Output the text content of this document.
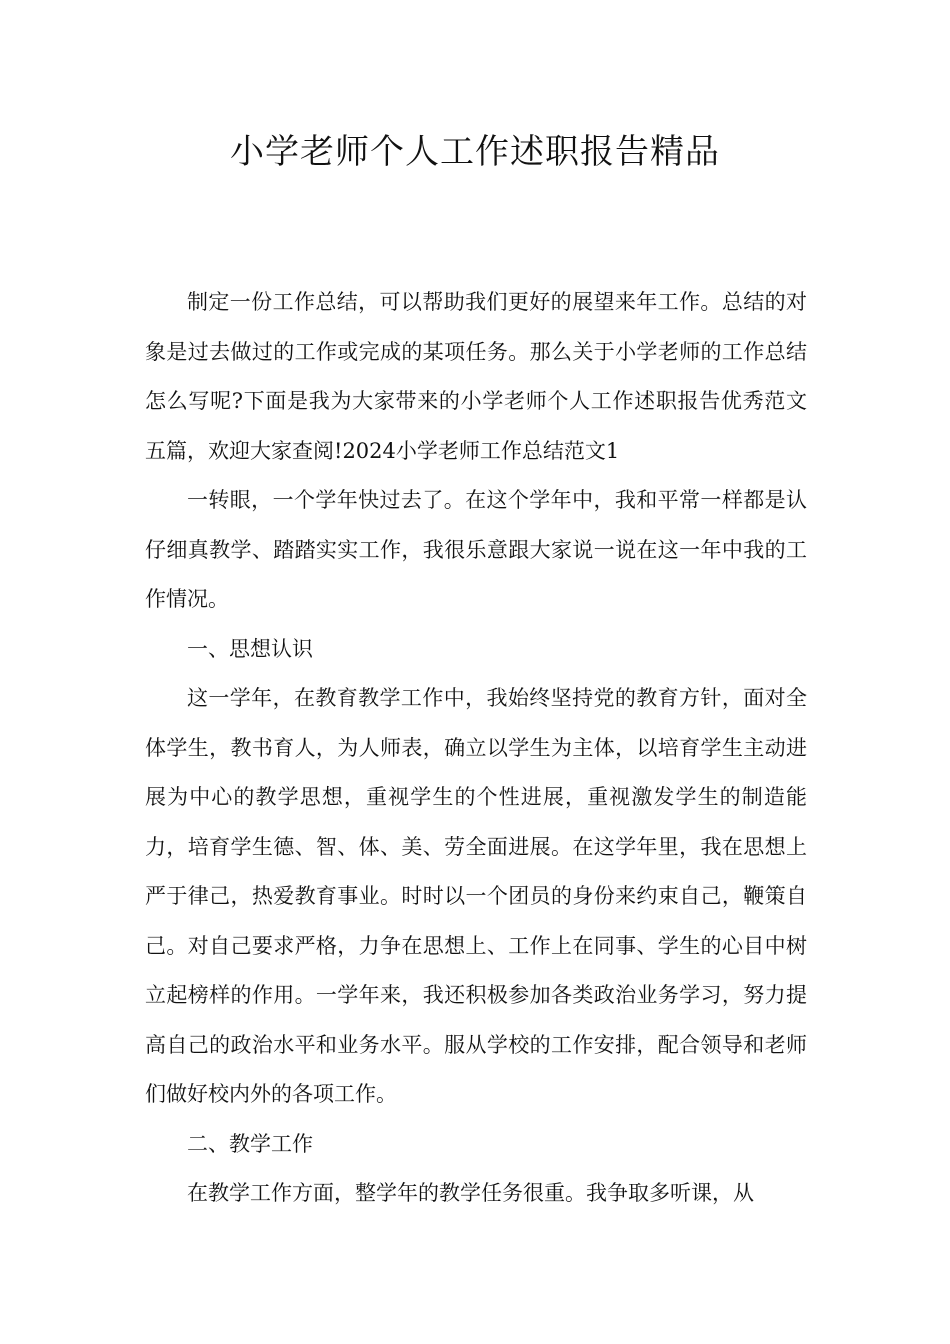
小学老师个人工作述职报告精品

制定一份工作总结，可以帮助我们更好的展望来年工作。总结的对象是过去做过的工作或完成的某项任务。那么关于小学老师的工作总结怎么写呢?下面是我为大家带来的小学老师个人工作述职报告优秀范文五篇，欢迎大家查阅!2024小学老师工作总结范文1

一转眼，一个学年快过去了。在这个学年中，我和平常一样都是认仔细真教学、踏踏实实工作，我很乐意跟大家说一说在这一年中我的工作情况。

一、思想认识

这一学年，在教育教学工作中，我始终坚持党的教育方针，面对全体学生，教书育人，为人师表，确立以学生为主体，以培育学生主动进展为中心的教学思想，重视学生的个性进展，重视激发学生的制造能力，培育学生德、智、体、美、劳全面进展。在这学年里，我在思想上严于律己，热爱教育事业。时时以一个团员的身份来约束自己，鞭策自己。对自己要求严格，力争在思想上、工作上在同事、学生的心目中树立起榜样的作用。一学年来，我还积极参加各类政治业务学习，努力提高自己的政治水平和业务水平。服从学校的工作安排，配合领导和老师们做好校内外的各项工作。

二、教学工作

在教学工作方面，整学年的教学任务很重。我争取多听课，从
